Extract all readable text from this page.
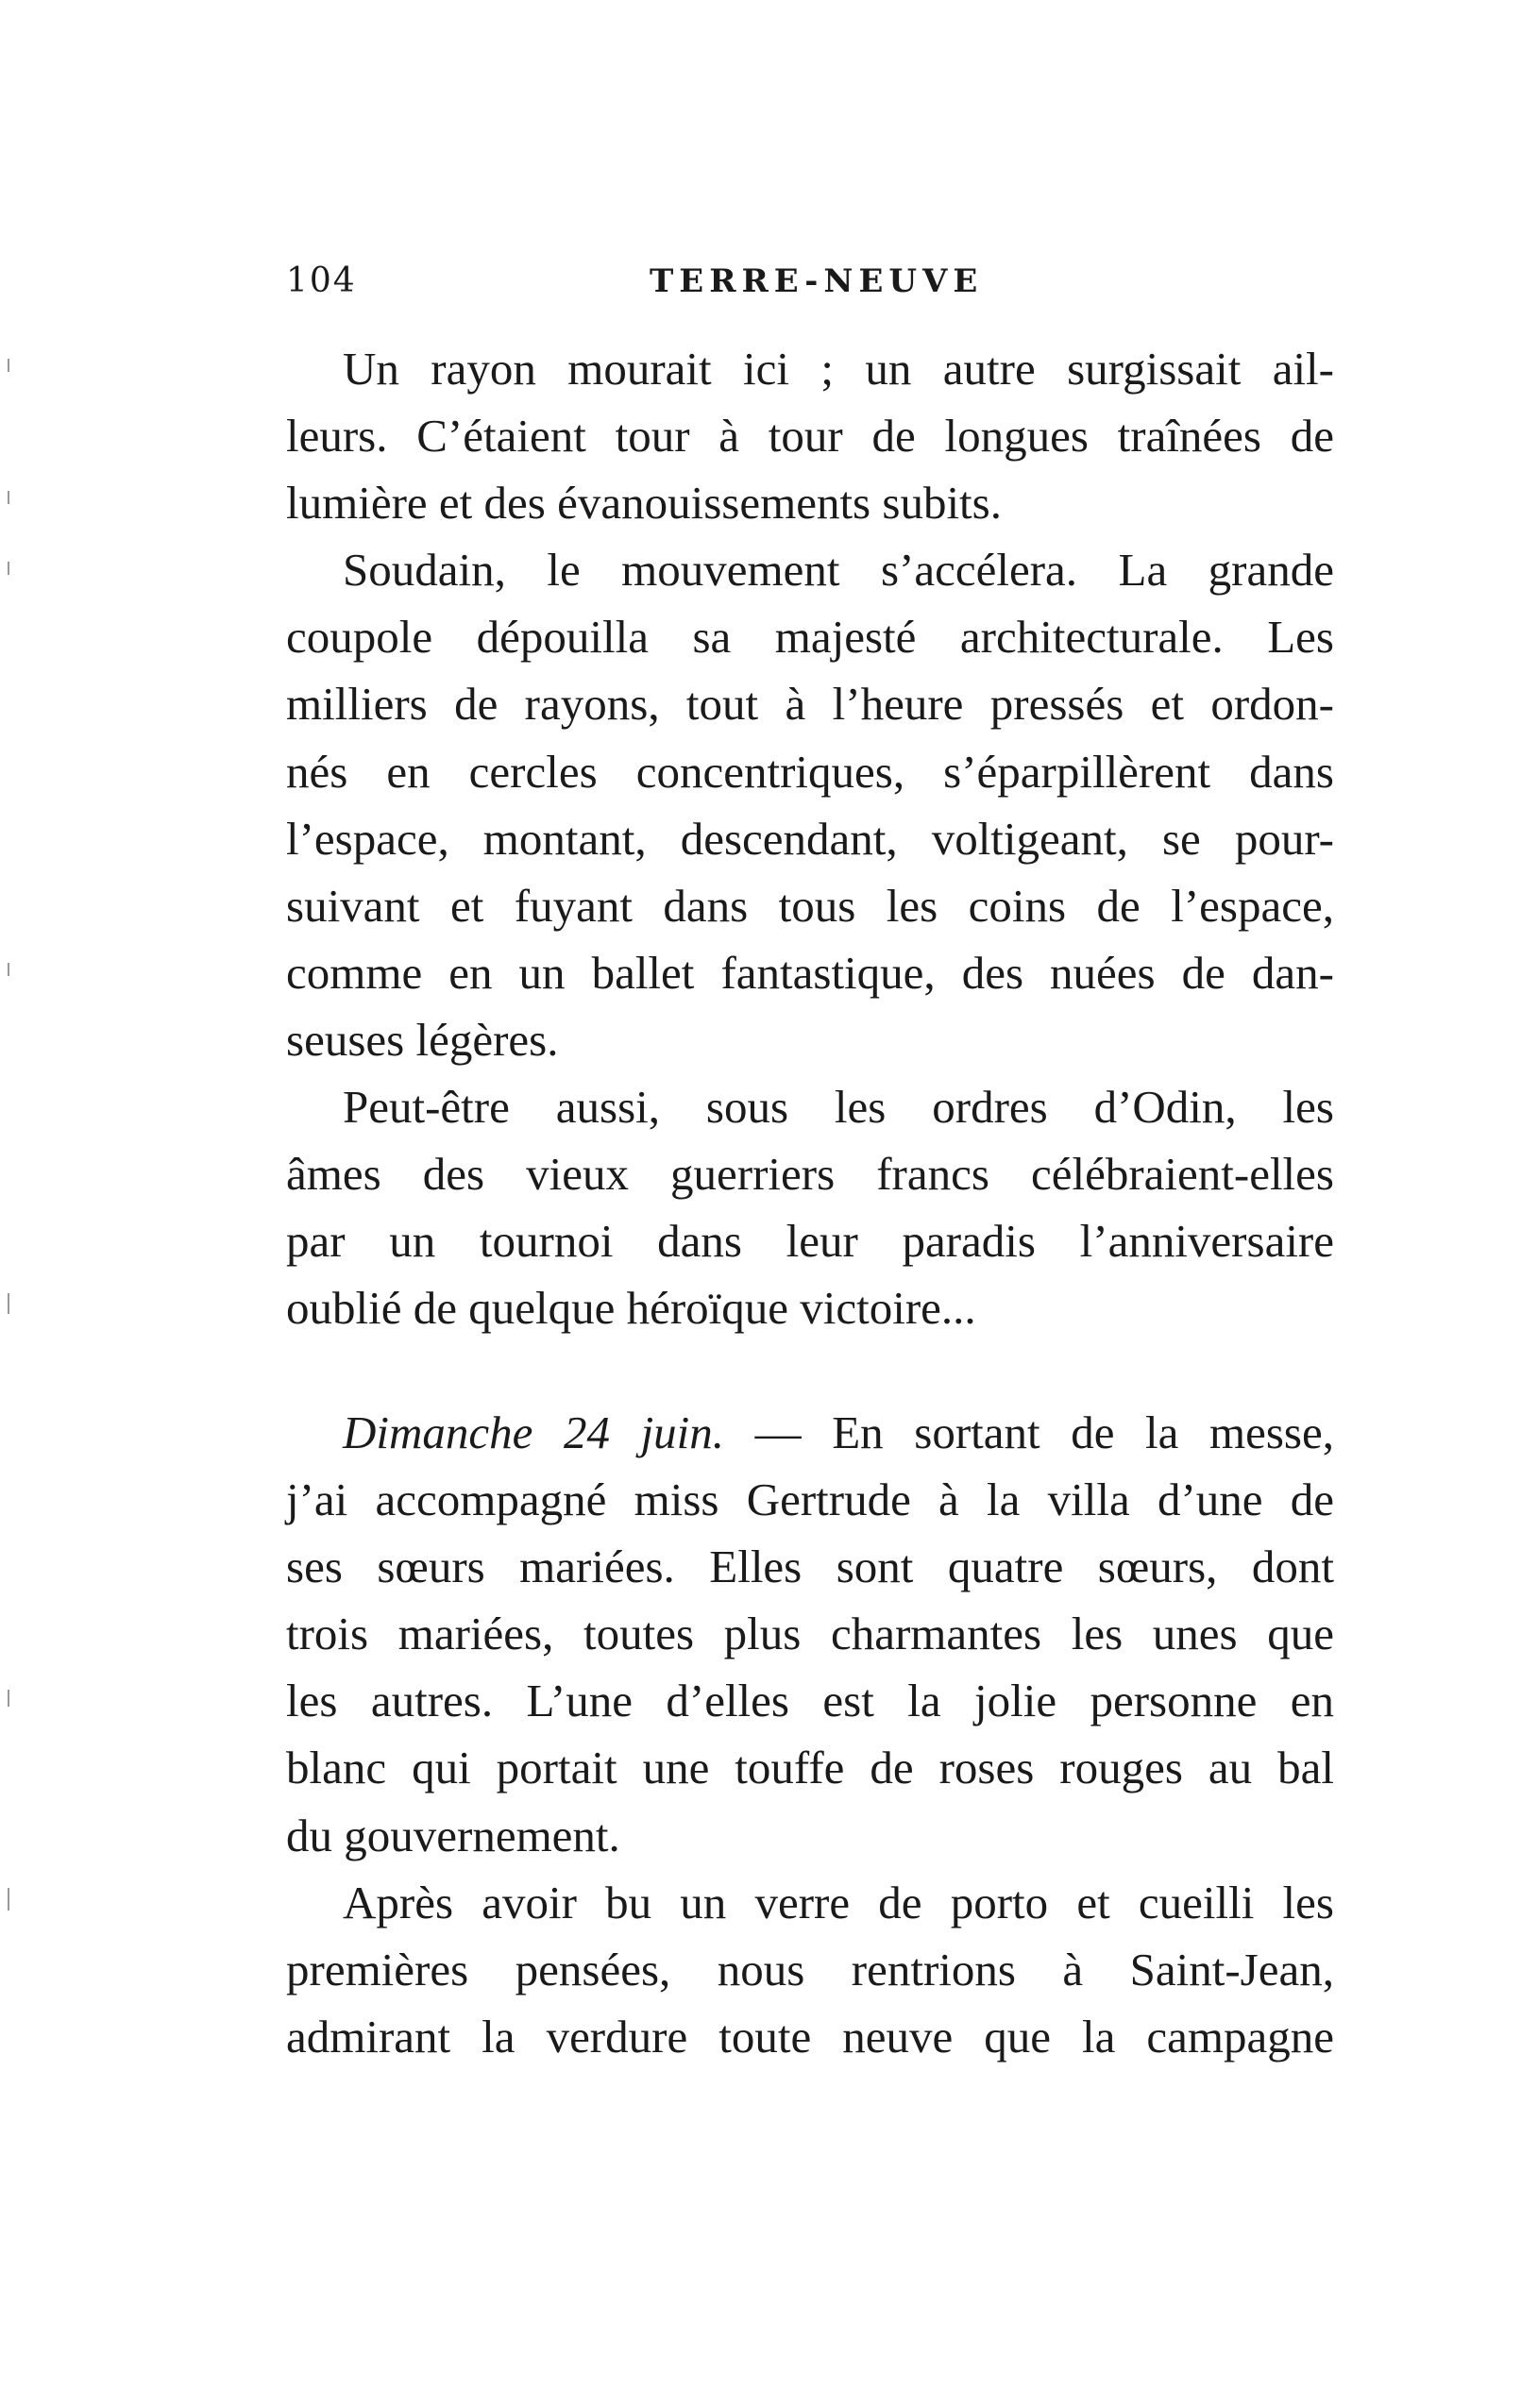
104	TERRE-NEUVE
Un rayon mourait ici ; un autre surgissait ail-
leurs. C’étaient tour à tour de longues traînées de
lumière et des évanouissements subits.
Soudain, le mouvement s’accélera. La grande
coupole dépouilla sa majesté architecturale. Les
milliers de rayons, tout à l’heure pressés et ordon-
nés en cercles concentriques, s’éparpillèrent dans
l’espace, montant, descendant, voltigeant, se pour-
suivant et fuyant dans tous les coins de l’espace,
comme en un ballet fantastique, des nuées de dan-
seuses légères.
Peut-être aussi, sous les ordres d’Odin, les
âmes des vieux guerriers francs célébraient-elles
par un tournoi dans leur paradis l’anniversaire
oublié de quelque héroïque victoire...
Dimanche 24 juin. — En sortant de la messe,
j’ai accompagné miss Gertrude à la villa d’une de
ses sœurs mariées. Elles sont quatre sœurs, dont
trois mariées, toutes plus charmantes les unes que
les autres. L’une d’elles est la jolie personne en
blanc qui portait une touffe de roses rouges au bal
du gouvernement.
Après avoir bu un verre de porto et cueilli les
premières pensées, nous rentrions à Saint-Jean,
admirant la verdure toute neuve que la campagne
